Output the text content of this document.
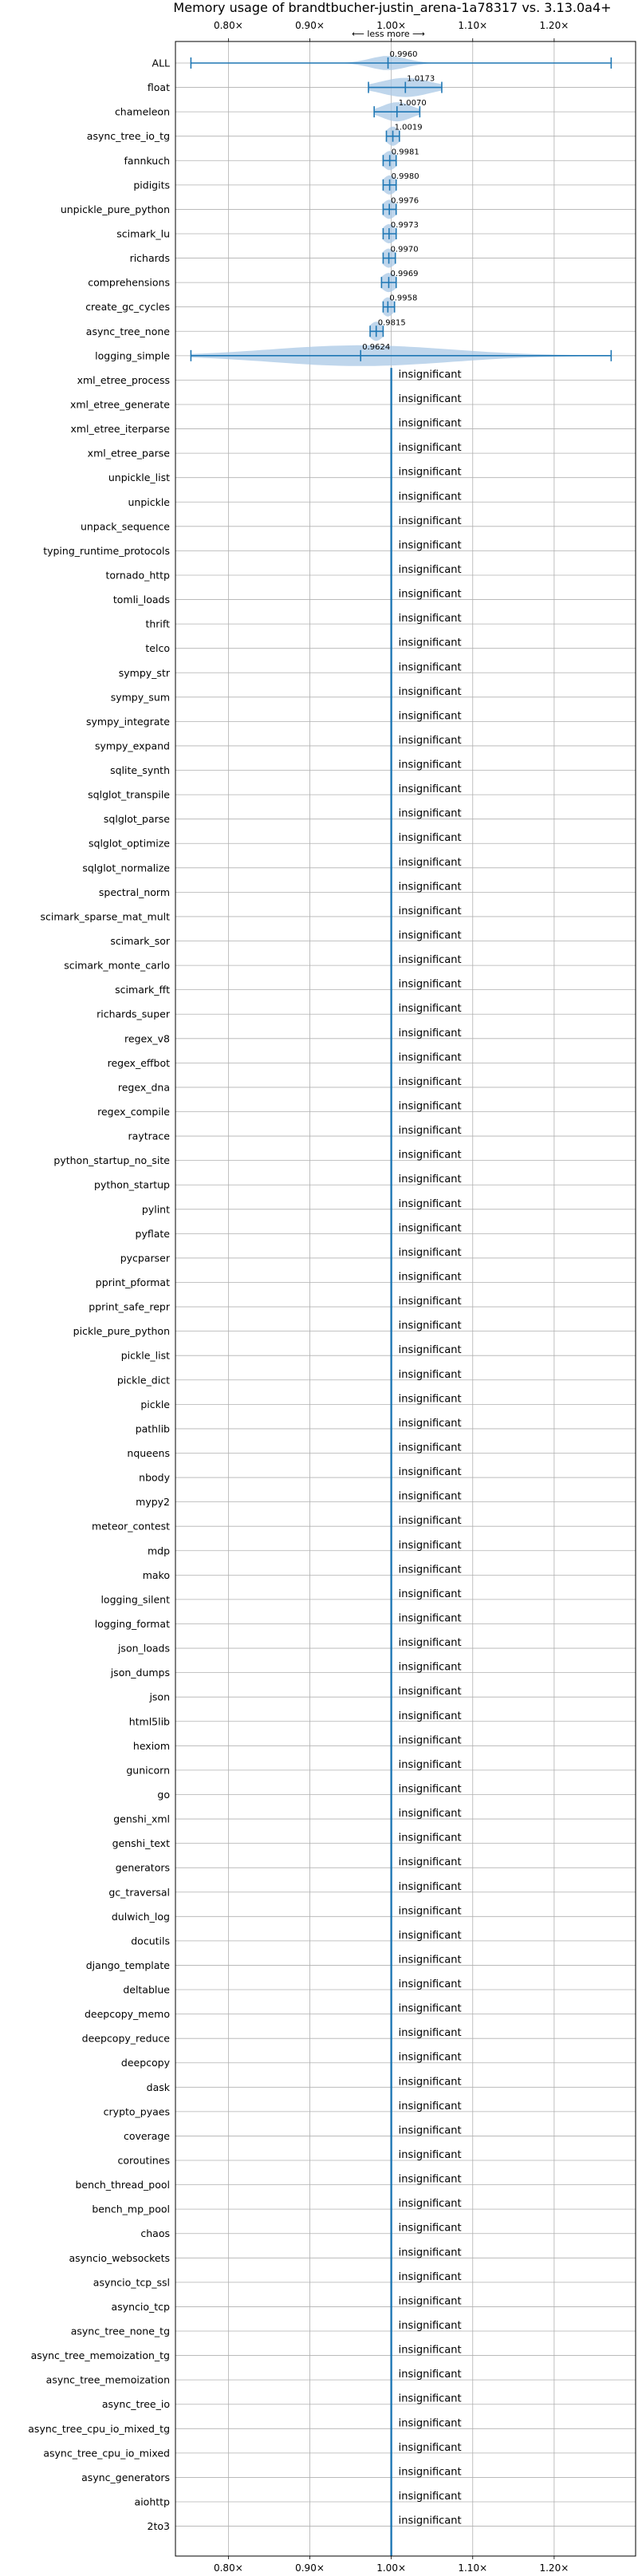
Memory usage of brandtbucher-justin_arena-1a78317 vs. 3.13.0a4+
⟵ less more ⟶
ALL
float
chameleon
async_tree_io_tg
fannkuch
pidigits
unpickle_pure_python
scimark_lu
richards
comprehensions
create_gc_cycles
async_tree_none
logging_simple
xml_etree_process
xml_etree_generate
xml_etree_iterparse
xml_etree_parse
unpickle_list
unpickle
unpack_sequence
typing_runtime_protocols
tornado_http
tomli_loads
thrift
telco
sympy_str
sympy_sum
sympy_integrate
sympy_expand
sqlite_synth
sqlglot_transpile
sqlglot_parse
sqlglot_optimize
sqlglot_normalize
spectral_norm
scimark_sparse_mat_mult
scimark_sor
scimark_monte_carlo
scimark_fft
richards_super
regex_v8
regex_effbot
regex_dna
regex_compile
raytrace
python_startup_no_site
python_startup
pylint
pyflate
pycparser
pprint_pformat
pprint_safe_repr
pickle_pure_python
pickle_list
pickle_dict
pickle
pathlib
nqueens
nbody
mypy2
meteor_contest
mdp
mako
logging_silent
logging_format
json_loads
json_dumps
json
html5lib
hexiom
gunicorn
go
genshi_xml
genshi_text
generators
gc_traversal
dulwich_log
docutils
django_template
deltablue
deepcopy_memo
deepcopy_reduce
deepcopy
dask
crypto_pyaes
coverage
coroutines
bench_thread_pool
bench_mp_pool
chaos
asyncio_websockets
asyncio_tcp_ssl
asyncio_tcp
async_tree_none_tg
async_tree_memoization_tg
async_tree_memoization
async_tree_io
async_tree_cpu_io_mixed_tg
async_tree_cpu_io_mixed
async_generators
aiohttp
2to3
0.80×
0.80×
0.90×
0.90×
1.00×
1.00×
1.10×
1.10×
1.20×
1.20×
0.9960
1.0173
1.0070
1.0019
0.9981
0.9980
0.9976
0.9973
0.9970
0.9969
0.9958
0.9815
0.9624
insignificant
insignificant
insignificant
insignificant
insignificant
insignificant
insignificant
insignificant
insignificant
insignificant
insignificant
insignificant
insignificant
insignificant
insignificant
insignificant
insignificant
insignificant
insignificant
insignificant
insignificant
insignificant
insignificant
insignificant
insignificant
insignificant
insignificant
insignificant
insignificant
insignificant
insignificant
insignificant
insignificant
insignificant
insignificant
insignificant
insignificant
insignificant
insignificant
insignificant
insignificant
insignificant
insignificant
insignificant
insignificant
insignificant
insignificant
insignificant
insignificant
insignificant
insignificant
insignificant
insignificant
insignificant
insignificant
insignificant
insignificant
insignificant
insignificant
insignificant
insignificant
insignificant
insignificant
insignificant
insignificant
insignificant
insignificant
insignificant
insignificant
insignificant
insignificant
insignificant
insignificant
insignificant
insignificant
insignificant
insignificant
insignificant
insignificant
insignificant
insignificant
insignificant
insignificant
insignificant
insignificant
insignificant
insignificant
insignificant
insignificant
